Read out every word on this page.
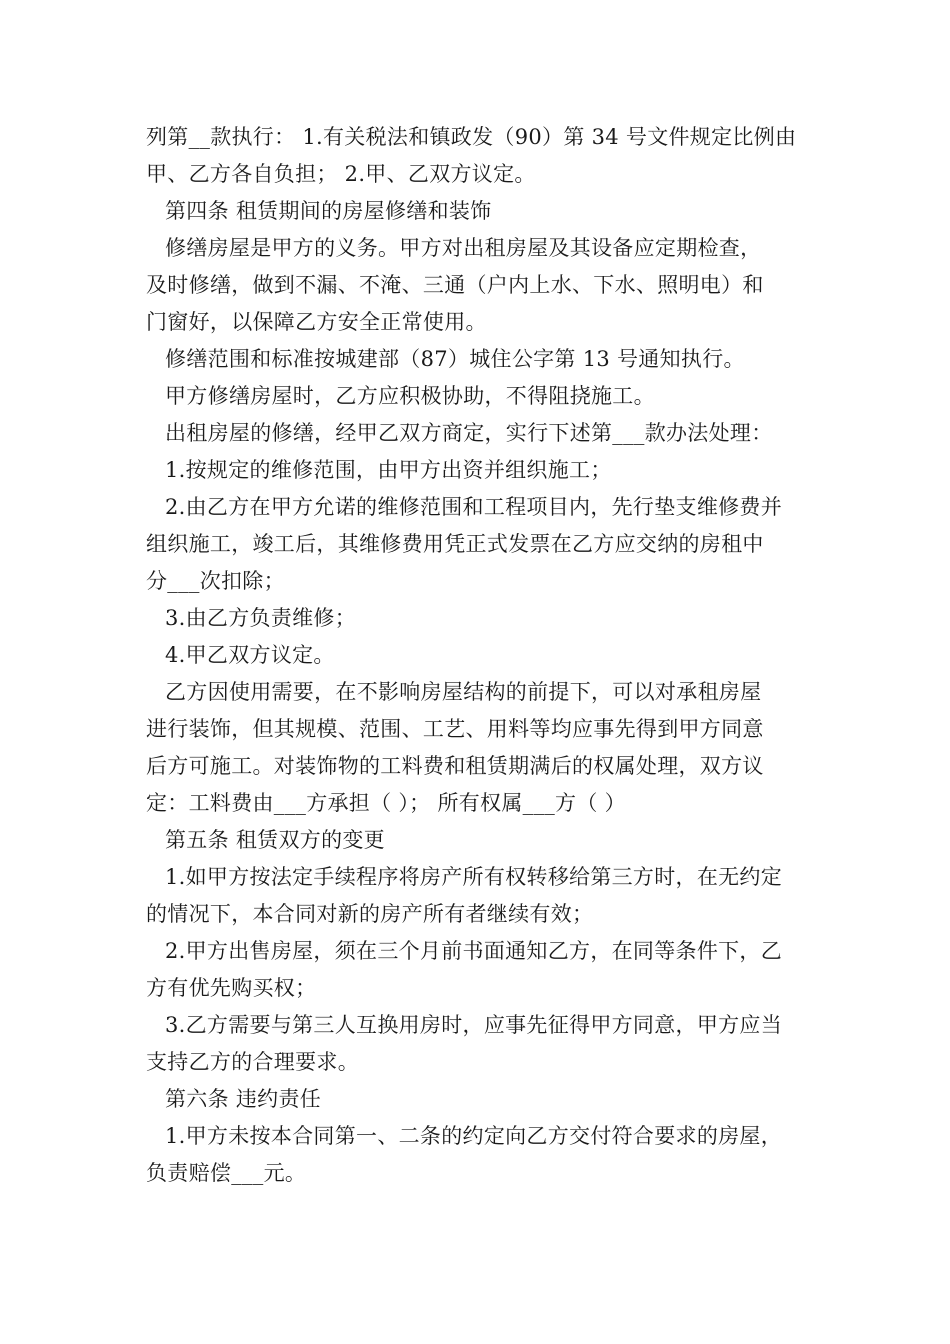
列第__款执行： 1.有关税法和镇政发（90）第 34 号文件规定比例由
甲、乙方各自负担； 2.甲、乙双方议定。
第四条 租赁期间的房屋修缮和装饰
修缮房屋是甲方的义务。甲方对出租房屋及其设备应定期检查，
及时修缮，做到不漏、不淹、三通（户内上水、下水、照明电）和
门窗好，以保障乙方安全正常使用。
修缮范围和标准按城建部（87）城住公字第 13 号通知执行。
甲方修缮房屋时，乙方应积极协助，不得阻挠施工。
出租房屋的修缮，经甲乙双方商定，实行下述第___款办法处理：
1.按规定的维修范围，由甲方出资并组织施工；
2.由乙方在甲方允诺的维修范围和工程项目内，先行垫支维修费并
组织施工，竣工后，其维修费用凭正式发票在乙方应交纳的房租中
分___次扣除；
3.由乙方负责维修；
4.甲乙双方议定。
乙方因使用需要，在不影响房屋结构的前提下，可以对承租房屋
进行装饰，但其规模、范围、工艺、用料等均应事先得到甲方同意
后方可施工。对装饰物的工料费和租赁期满后的权属处理，双方议
定：工料费由___方承担（ ）； 所有权属___方（ ）
第五条 租赁双方的变更
1.如甲方按法定手续程序将房产所有权转移给第三方时，在无约定
的情况下，本合同对新的房产所有者继续有效；
2.甲方出售房屋，须在三个月前书面通知乙方，在同等条件下，乙
方有优先购买权；
3.乙方需要与第三人互换用房时，应事先征得甲方同意，甲方应当
支持乙方的合理要求。
第六条 违约责任
1.甲方未按本合同第一、二条的约定向乙方交付符合要求的房屋，
负责赔偿___元。
